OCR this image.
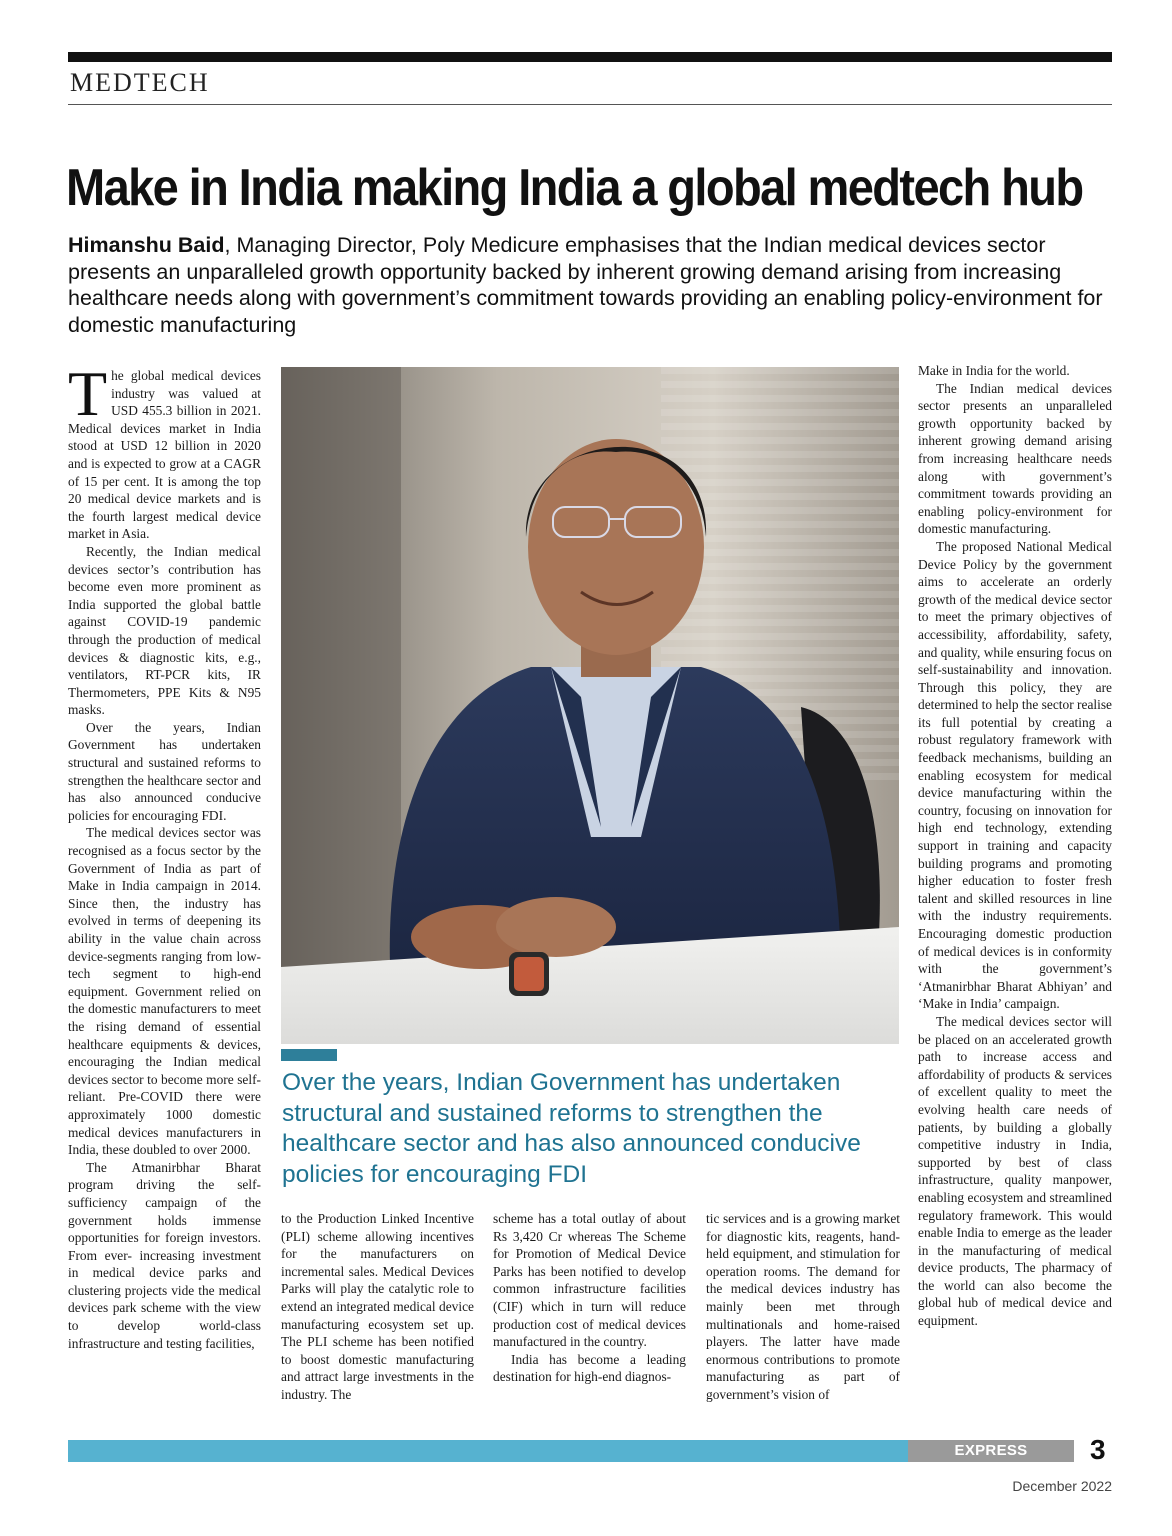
MEDTECH
Make in India making India a global medtech hub

Himanshu Baid, Managing Director, Poly Medicure emphasises that the Indian medical devices sector presents an unparalleled growth opportunity backed by inherent growing demand arising from increasing healthcare needs along with government’s commitment towards providing an enabling policy-environment for domestic manufacturing

The global medical devices industry was valued at USD 455.3 billion in 2021. Medical devices market in India stood at USD 12 billion in 2020 and is expected to grow at a CAGR of 15 per cent. It is among the top 20 medical device markets and is the fourth largest medical device market in Asia.

Recently, the Indian medical devices sector’s contribution has become even more prominent as India supported the global battle against COVID-19 pandemic through the production of medical devices & diagnostic kits, e.g., ventilators, RT-PCR kits, IR Thermometers, PPE Kits & N95 masks.

Over the years, Indian Government has undertaken structural and sustained reforms to strengthen the healthcare sector and has also announced conducive policies for encouraging FDI.

The medical devices sector was recognised as a focus sector by the Government of India as part of Make in India campaign in 2014. Since then, the industry has evolved in terms of deepening its ability in the value chain across device-segments ranging from low-tech segment to high-end equipment. Government relied on the domestic manufacturers to meet the rising demand of essential healthcare equipments & devices, encouraging the Indian medical devices sector to become more self-reliant. Pre-COVID there were approximately 1000 domestic medical devices manufacturers in India, these doubled to over 2000.

The Atmanirbhar Bharat program driving the self- sufficiency campaign of the government holds immense opportunities for foreign investors. From ever- increasing investment in medical device parks and clustering projects vide the medical devices park scheme with the view to develop world-class infrastructure and testing facilities,

Over the years, Indian Government has undertaken structural and sustained reforms to strengthen the healthcare sector and has also announced conducive policies for encouraging FDI

to the Production Linked Incentive (PLI) scheme allowing incentives for the manufacturers on incremental sales. Medical Devices Parks will play the catalytic role to extend an integrated medical device manufacturing ecosystem set up. The PLI scheme has been notified to boost domestic manufacturing and attract large investments in the industry. The

scheme has a total outlay of about Rs 3,420 Cr whereas The Scheme for Promotion of Medical Device Parks has been notified to develop common infrastructure facilities (CIF) which in turn will reduce production cost of medical devices manufactured in the country.

India has become a leading destination for high-end diagnos-

tic services and is a growing market for diagnostic kits, reagents, hand-held equipment, and stimulation for operation rooms. The demand for the medical devices industry has mainly been met through multinationals and home-raised players. The latter have made enormous contributions to promote manufacturing as part of government’s vision of

Make in India for the world.

The Indian medical devices sector presents an unparalleled growth opportunity backed by inherent growing demand arising from increasing healthcare needs along with government’s commitment towards providing an enabling policy-environment for domestic manufacturing.

The proposed National Medical Device Policy by the government aims to accelerate an orderly growth of the medical device sector to meet the primary objectives of accessibility, affordability, safety, and quality, while ensuring focus on self-sustainability and innovation. Through this policy, they are determined to help the sector realise its full potential by creating a robust regulatory framework with feedback mechanisms, building an enabling ecosystem for medical device manufacturing within the country, focusing on innovation for high end technology, extending support in training and capacity building programs and promoting higher education to foster fresh talent and skilled resources in line with the industry requirements. Encouraging domestic production of medical devices is in conformity with the government’s ‘Atmanirbhar Bharat Abhiyan’ and ‘Make in India’ campaign.

The medical devices sector will be placed on an accelerated growth path to increase access and affordability of products & services of excellent quality to meet the evolving health care needs of patients, by building a globally competitive industry in India, supported by best of class infrastructure, quality manpower, enabling ecosystem and streamlined regulatory framework. This would enable India to emerge as the leader in the manufacturing of medical device products, The pharmacy of the world can also become the global hub of medical device and equipment.

EXPRESS HEALTHCARE
3
December 2022
